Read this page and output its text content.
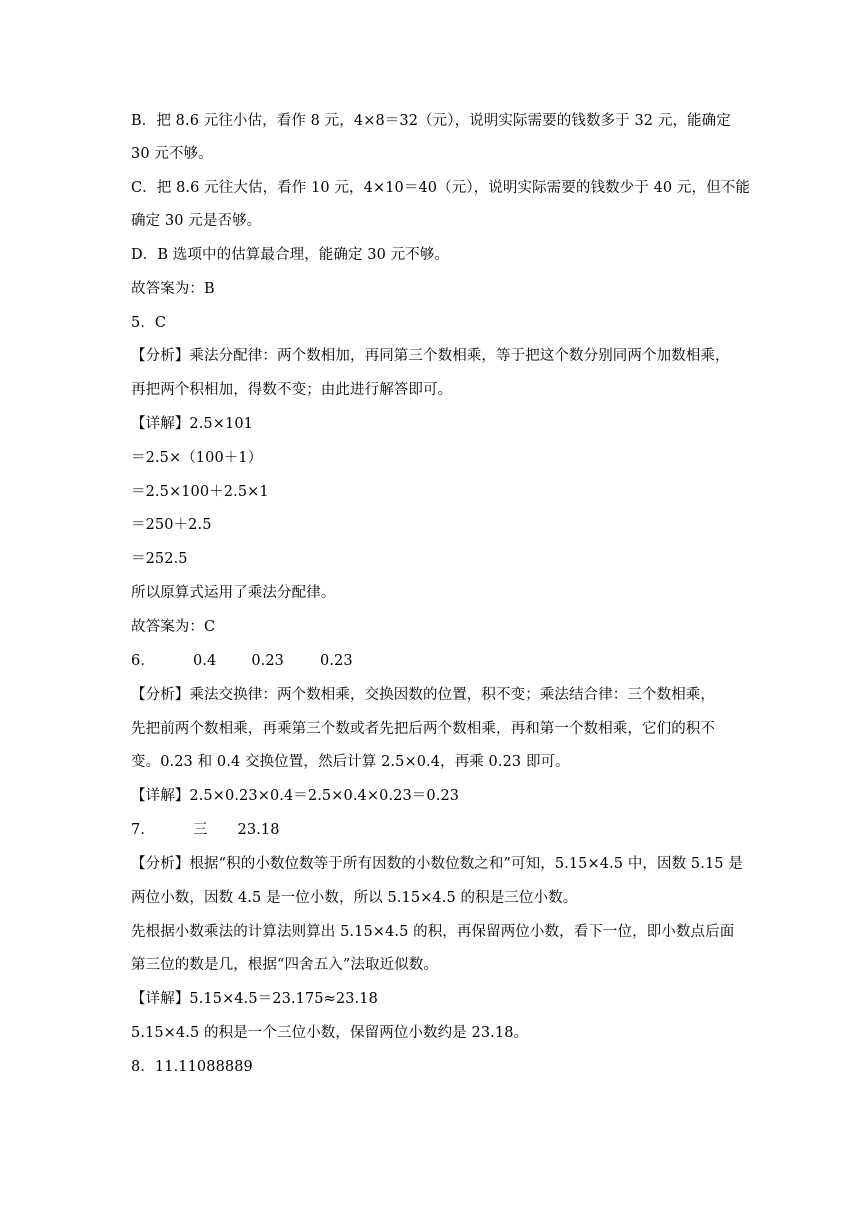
B．把 8.6 元往小估，看作 8 元，4×8＝32（元），说明实际需要的钱数多于 32 元，能确定
30 元不够。
C．把 8.6 元往大估，看作 10 元，4×10＝40（元），说明实际需要的钱数少于 40 元，但不能
确定 30 元是否够。
D．B 选项中的估算最合理，能确定 30 元不够。
故答案为：B
5．C
【分析】乘法分配律：两个数相加，再同第三个数相乘，等于把这个数分别同两个加数相乘，
再把两个积相加，得数不变；由此进行解答即可。
【详解】2.5×101
＝2.5×（100＋1）
＝2.5×100＋2.5×1
＝250＋2.5
＝252.5
所以原算式运用了乘法分配律。
故答案为：C
6．	0.4 0.23 0.23
【分析】乘法交换律：两个数相乘，交换因数的位置，积不变；乘法结合律：三个数相乘，
先把前两个数相乘，再乘第三个数或者先把后两个数相乘，再和第一个数相乘，它们的积不
变。0.23 和 0.4 交换位置，然后计算 2.5×0.4，再乘 0.23 即可。
【详解】2.5×0.23×0.4＝2.5×0.4×0.23＝0.23
7．	三 23.18
【分析】根据“积的小数位数等于所有因数的小数位数之和”可知，5.15×4.5 中，因数 5.15 是
两位小数，因数 4.5 是一位小数，所以 5.15×4.5 的积是三位小数。
先根据小数乘法的计算法则算出 5.15×4.5 的积，再保留两位小数，看下一位，即小数点后面
第三位的数是几，根据“四舍五入”法取近似数。
【详解】5.15×4.5＝23.175≈23.18
5.15×4.5 的积是一个三位小数，保留两位小数约是 23.18。
8．11.11088889
